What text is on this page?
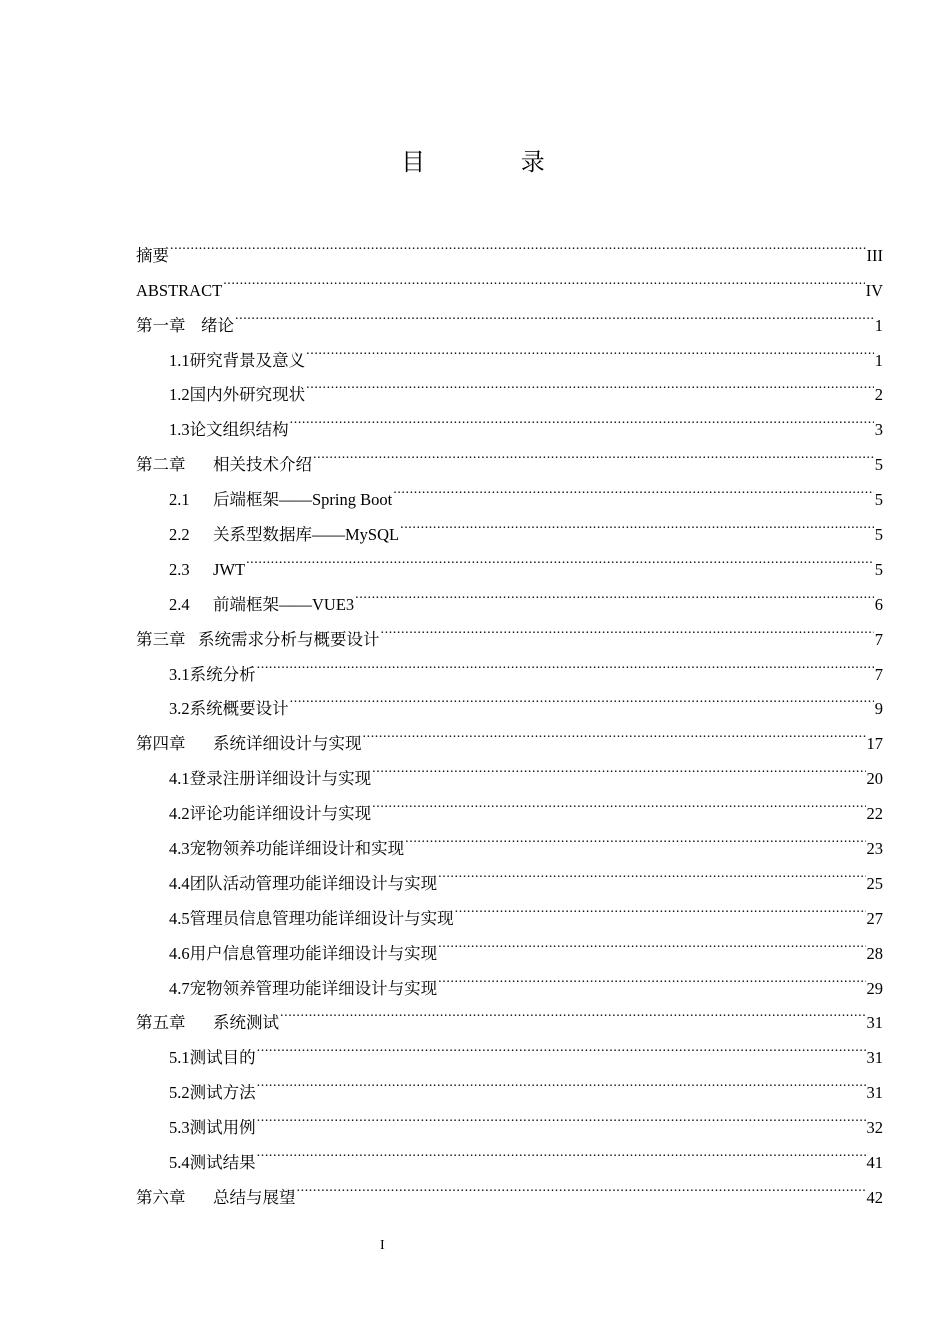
目 录
摘要 .....	III
ABSTRACT .....	IV
第一章 绪论 .....	1
1.1研究背景及意义 .....	1
1.2国内外研究现状 .....	2
1.3论文组织结构 .....	3
第二章 相关技术介绍 .....	5
2.1 后端框架——Spring Boot .....	5
2.2 关系型数据库——MySQL .....	5
2.3 JWT .....	5
2.4 前端框架——VUE3 .....	6
第三章 系统需求分析与概要设计 .....	7
3.1系统分析 .....	7
3.2系统概要设计 .....	9
第四章 系统详细设计与实现 .....	17
4.1登录注册详细设计与实现 .....	20
4.2评论功能详细设计与实现 .....	22
4.3宠物领养功能详细设计和实现 .....	23
4.4团队活动管理功能详细设计与实现 .....	25
4.5管理员信息管理功能详细设计与实现 .....	27
4.6用户信息管理功能详细设计与实现 .....	28
4.7宠物领养管理功能详细设计与实现 .....	29
第五章 系统测试 .....	31
5.1测试目的 .....	31
5.2测试方法 .....	31
5.3测试用例 .....	32
5.4测试结果 .....	41
第六章 总结与展望 .....	42
I
